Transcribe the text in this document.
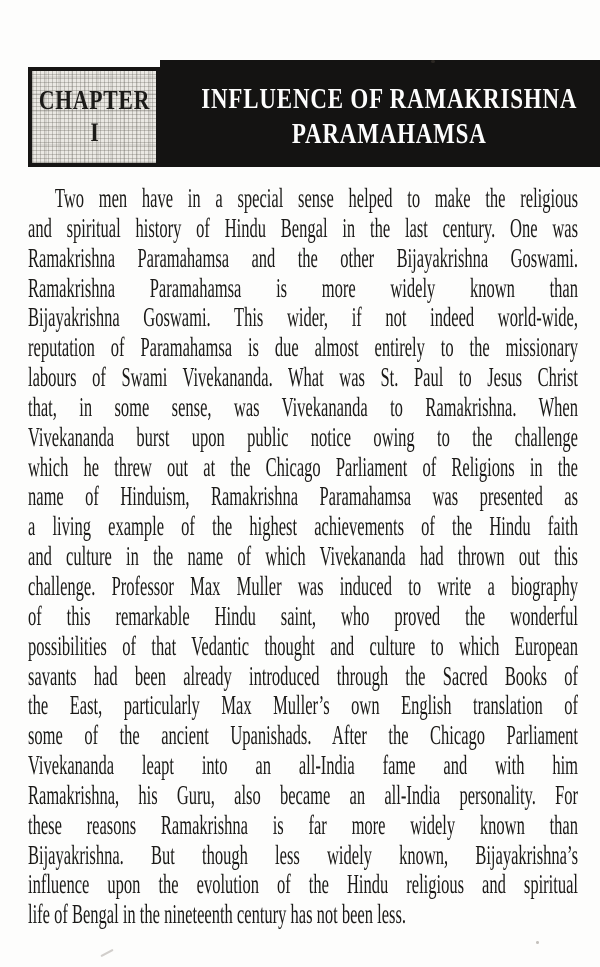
CHAPTER
I
INFLUENCE OF RAMAKRISHNA
PARAMAHAMSA
Two men have in a special sense helped to make the religious
and spiritual history of Hindu Bengal in the last century. One was
Ramakrishna Paramahamsa and the other Bijayakrishna Goswami.
Ramakrishna Paramahamsa is more widely known than
Bijayakrishna Goswami. This wider, if not indeed world-wide,
reputation of Paramahamsa is due almost entirely to the missionary
labours of Swami Vivekananda. What was St. Paul to Jesus Christ
that, in some sense, was Vivekananda to Ramakrishna. When
Vivekananda burst upon public notice owing to the challenge
which he threw out at the Chicago Parliament of Religions in the
name of Hinduism, Ramakrishna Paramahamsa was presented as
a living example of the highest achievements of the Hindu faith
and culture in the name of which Vivekananda had thrown out this
challenge. Professor Max Muller was induced to write a biography
of this remarkable Hindu saint, who proved the wonderful
possibilities of that Vedantic thought and culture to which European
savants had been already introduced through the Sacred Books of
the East, particularly Max Muller’s own English translation of
some of the ancient Upanishads. After the Chicago Parliament
Vivekananda leapt into an all-India fame and with him
Ramakrishna, his Guru, also became an all-India personality. For
these reasons Ramakrishna is far more widely known than
Bijayakrishna. But though less widely known, Bijayakrishna’s
influence upon the evolution of the Hindu religious and spiritual
life of Bengal in the nineteenth century has not been less.
